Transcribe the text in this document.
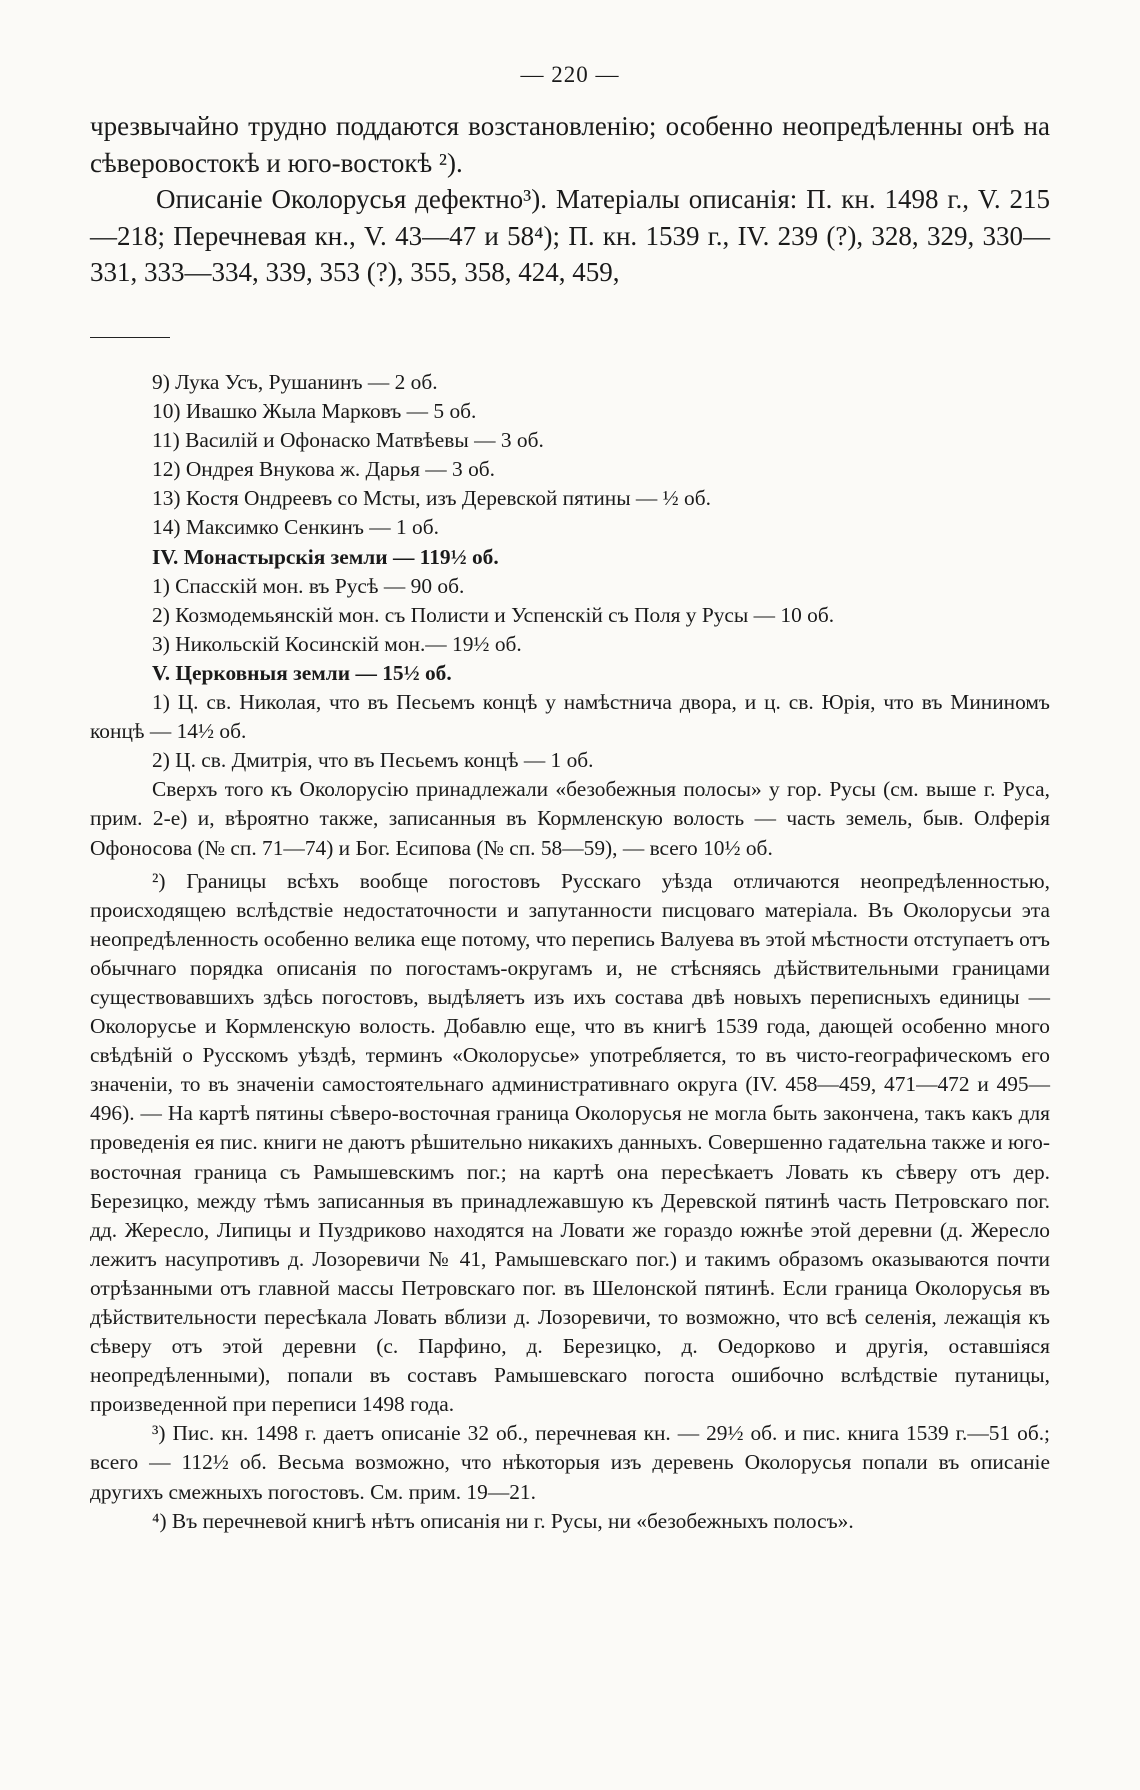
— 220 —

чрезвычайно трудно поддаются возстановленію; особенно неопредѣленны онѣ на сѣверовостокѣ и юго-востокѣ ²).

Описаніе Околорусья дефектно³). Матеріалы описанія: П. кн. 1498 г., V. 215—218; Перечневая кн., V. 43—47 и 58⁴); П. кн. 1539 г., IV. 239 (?), 328, 329, 330—331, 333—334, 339, 353 (?), 355, 358, 424, 459,

9) Лука Усъ, Рушанинъ — 2 об.

10) Ивашко Жыла Марковъ — 5 об.

11) Василій и Офонаско Матвѣевы — 3 об.

12) Ондрея Внукова ж. Дарья — 3 об.

13) Костя Ондреевъ со Мсты, изъ Деревской пятины — ½ об.

14) Максимко Сенкинъ — 1 об.

IV. Монастырскія земли — 119½ об.

1) Спасскій мон. въ Русѣ — 90 об.

2) Козмодемьянскій мон. съ Полисти и Успенскій съ Поля у Русы — 10 об.

3) Никольскій Косинскій мон.— 19½ об.

V. Церковныя земли — 15½ об.

1) Ц. св. Николая, что въ Песьемъ концѣ у намѣстнича двора, и ц. св. Юрія, что въ Мининомъ концѣ — 14½ об.

2) Ц. св. Дмитрія, что въ Песьемъ концѣ — 1 об.

Сверхъ того къ Околорусію принадлежали «безобежныя полосы» у гор. Русы (см. выше г. Руса, прим. 2-е) и, вѣроятно также, записанныя въ Кормленскую волость — часть земель, быв. Олферія Офоносова (№ сп. 71—74) и Бог. Есипова (№ сп. 58—59), — всего 10½ об.

²) Границы всѣхъ вообще погостовъ Русскаго уѣзда отличаются неопредѣленностью, происходящею вслѣдствіе недостаточности и запутанности писцоваго матеріала. Въ Околорусьи эта неопредѣленность особенно велика еще потому, что перепись Валуева въ этой мѣстности отступаетъ отъ обычнаго порядка описанія по погостамъ-округамъ и, не стѣсняясь дѣйствительными границами существовавшихъ здѣсь погостовъ, выдѣляетъ изъ ихъ состава двѣ новыхъ переписныхъ единицы — Околорусье и Кормленскую волость. Добавлю еще, что въ книгѣ 1539 года, дающей особенно много свѣдѣній о Русскомъ уѣздѣ, терминъ «Околорусье» употребляется, то въ чисто-географическомъ его значеніи, то въ значеніи самостоятельнаго административнаго округа (IV. 458—459, 471—472 и 495—496). — На картѣ пятины сѣверо-восточная граница Околорусья не могла быть закончена, такъ какъ для проведенія ея пис. книги не даютъ рѣшительно никакихъ данныхъ. Совершенно гадательна также и юго-восточная граница съ Рамышевскимъ пог.; на картѣ она пересѣкаетъ Ловать къ сѣверу отъ дер. Березицко, между тѣмъ записанныя въ принадлежавшую къ Деревской пятинѣ часть Петровскаго пог. дд. Жересло, Липицы и Пуздриково находятся на Ловати же гораздо южнѣе этой деревни (д. Жересло лежитъ насупротивъ д. Лозоревичи № 41, Рамышевскаго пог.) и такимъ образомъ оказываются почти отрѣзанными отъ главной массы Петровскаго пог. въ Шелонской пятинѣ. Если граница Околорусья въ дѣйствительности пересѣкала Ловать вблизи д. Лозоревичи, то возможно, что всѣ селенія, лежащія къ сѣверу отъ этой деревни (с. Парфино, д. Березицко, д. Оедорково и другія, оставшіяся неопредѣленными), попали въ составъ Рамышевскаго погоста ошибочно вслѣдствіе путаницы, произведенной при переписи 1498 года.

³) Пис. кн. 1498 г. даетъ описаніе 32 об., перечневая кн. — 29½ об. и пис. книга 1539 г.—51 об.; всего — 112½ об. Весьма возможно, что нѣкоторыя изъ деревень Околорусья попали въ описаніе другихъ смежныхъ погостовъ. См. прим. 19—21.

⁴) Въ перечневой книгѣ нѣтъ описанія ни г. Русы, ни «безобежныхъ полосъ».
